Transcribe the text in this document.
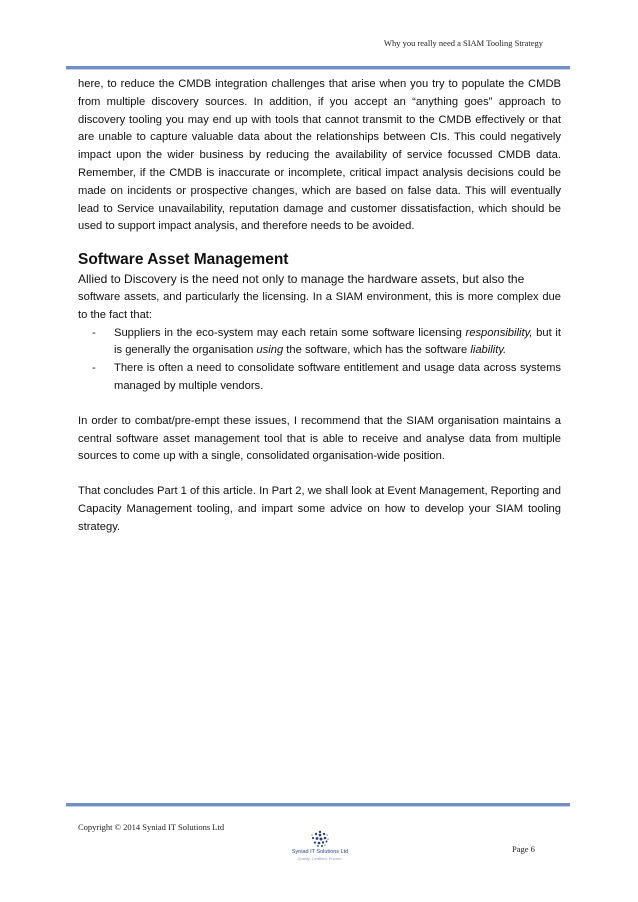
Why you really need a SIAM Tooling Strategy

here, to reduce the CMDB integration challenges that arise when you try to populate the CMDB from multiple discovery sources. In addition, if you accept an “anything goes” approach to discovery tooling you may end up with tools that cannot transmit to the CMDB effectively or that are unable to capture valuable data about the relationships between CIs. This could negatively impact upon the wider business by reducing the availability of service focussed CMDB data. Remember, if the CMDB is inaccurate or incomplete, critical impact analysis decisions could be made on incidents or prospective changes, which are based on false data. This will eventually lead to Service unavailability, reputation damage and customer dissatisfaction, which should be used to support impact analysis, and therefore needs to be avoided.

Software Asset Management

Allied to Discovery is the need not only to manage the hardware assets, but also the

software assets, and particularly the licensing. In a SIAM environment, this is more complex due to the fact that:

- Suppliers in the eco-system may each retain some software licensing responsibility, but it is generally the organisation using the software, which has the software liability.
- There is often a need to consolidate software entitlement and usage data across systems managed by multiple vendors.

In order to combat/pre-empt these issues, I recommend that the SIAM organisation maintains a central software asset management tool that is able to receive and analyse data from multiple sources to come up with a single, consolidated organisation-wide position.

That concludes Part 1 of this article. In Part 2, we shall look at Event Management, Reporting and Capacity Management tooling, and impart some advice on how to develop your SIAM tooling strategy.

Copyright © 2014 Syniad IT Solutions Ltd
Syniad IT Solutions Ltd
Quality. Certified. Proven.
Page 6
